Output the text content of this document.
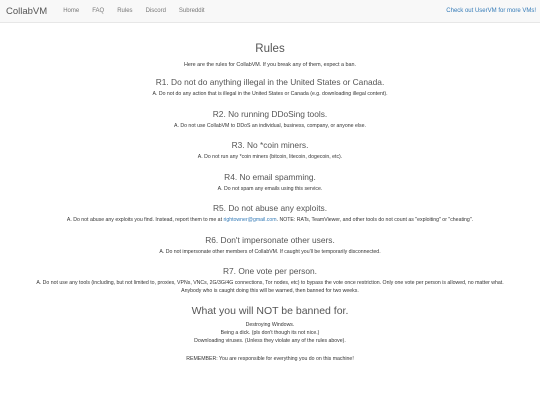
CollabVM	Home FAQ Rules Discord Subreddit	Check out UserVM for more VMs!
Rules

Here are the rules for CollabVM. If you break any of them, expect a ban.

R1. Do not do anything illegal in the United States or Canada.

A. Do not do any action that is illegal in the United States or Canada (e.g. downloading illegal content).

R2. No running DDoSing tools.

A. Do not use CollabVM to DDoS an individual, business, company, or anyone else.

R3. No *coin miners.

A. Do not run any *coin miners (bitcoin, litecoin, dogecoin, etc).

R4. No email spamming.

A. Do not spam any emails using this service.

R5. Do not abuse any exploits.

A. Do not abuse any exploits you find. Instead, report them to me at rightowner@gmail.com. NOTE: RATs, TeamViewer, and other tools do not count as "exploiting" or "cheating".

R6. Don't impersonate other users.

A. Do not impersonate other members of CollabVM. If caught you'll be temporarily disconnected.

R7. One vote per person.

A. Do not use any tools (including, but not limited to, proxies, VPNs, VNCs, 2G/3G/4G connections, Tor nodes, etc) to bypass the vote once restriction. Only one vote per person is allowed, no matter what. Anybody who is caught doing this will be warned, then banned for two weeks.

What you will NOT be banned for.
Destroying Windows.
Being a dick. (pls don't though its not nice.)
Downloading viruses. (Unless they violate any of the rules above).
REMEMBER: You are responsible for everything you do on this machine!
